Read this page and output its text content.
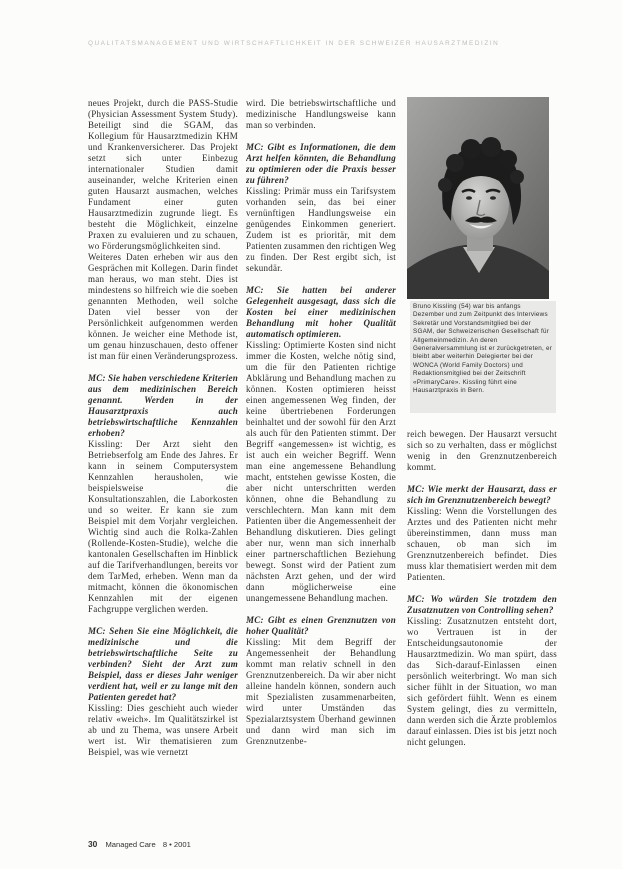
QUALITÄTSMANAGEMENT UND WIRTSCHAFTLICHKEIT IN DER SCHWEIZER HAUSARZTMEDIZIN

neues Projekt, durch die PASS-Studie (Physician Assessment System Study). Beteiligt sind die SGAM, das Kollegium für Hausarztmedizin KHM und Krankenversicherer. Das Projekt setzt sich unter Einbezug internationaler Studien damit auseinander, welche Kriterien einen guten Hausarzt ausmachen, welches Fundament einer guten Hausarztmedizin zugrunde liegt. Es besteht die Möglichkeit, einzelne Praxen zu evaluieren und zu schauen, wo Förderungsmöglichkeiten sind.

Weiteres Daten erheben wir aus den Gesprächen mit Kollegen. Darin findet man heraus, wo man steht. Dies ist mindestens so hilfreich wie die soeben genannten Methoden, weil solche Daten viel besser von der Persönlichkeit aufgenommen werden können. Je weicher eine Methode ist, um genau hinzuschauen, desto offener ist man für einen Veränderungsprozess.

MC: Sie haben verschiedene Kriterien aus dem medizinischen Bereich genannt. Werden in der Hausarztpraxis auch betriebswirtschaftliche Kennzahlen erhoben?

Kissling: Der Arzt sieht den Betriebserfolg am Ende des Jahres. Er kann in seinem Computersystem Kennzahlen herausholen, wie beispielsweise die Konsultationszahlen, die Laborkosten und so weiter. Er kann sie zum Beispiel mit dem Vorjahr vergleichen. Wichtig sind auch die Rolka-Zahlen (Rollende-Kosten-Studie), welche die kantonalen Gesellschaften im Hinblick auf die Tarifverhandlungen, bereits vor dem TarMed, erheben. Wenn man da mitmacht, können die ökonomischen Kennzahlen mit der eigenen Fachgruppe verglichen werden.

MC: Sehen Sie eine Möglichkeit, die medizinische und die betriebswirtschaftliche Seite zu verbinden? Sieht der Arzt zum Beispiel, dass er dieses Jahr weniger verdient hat, weil er zu lange mit den Patienten geredet hat?

Kissling: Dies geschieht auch wieder relativ «weich». Im Qualitätszirkel ist ab und zu Thema, was unsere Arbeit wert ist. Wir thematisieren zum Beispiel, was wie vernetzt

wird. Die betriebswirtschaftliche und medizinische Handlungsweise kann man so verbinden.

MC: Gibt es Informationen, die dem Arzt helfen könnten, die Behandlung zu optimieren oder die Praxis besser zu führen?

Kissling: Primär muss ein Tarifsystem vorhanden sein, das bei einer vernünftigen Handlungsweise ein genügendes Einkommen generiert. Zudem ist es prioritär, mit dem Patienten zusammen den richtigen Weg zu finden. Der Rest ergibt sich, ist sekundär.

MC: Sie hatten bei anderer Gelegenheit ausgesagt, dass sich die Kosten bei einer medizinischen Behandlung mit hoher Qualität automatisch optimieren.

Kissling: Optimierte Kosten sind nicht immer die Kosten, welche nötig sind, um die für den Patienten richtige Abklärung und Behandlung machen zu können. Kosten optimieren heisst einen angemessenen Weg finden, der keine übertriebenen Forderungen beinhaltet und der sowohl für den Arzt als auch für den Patienten stimmt. Der Begriff «angemessen» ist wichtig, es ist auch ein weicher Begriff. Wenn man eine angemessene Behandlung macht, entstehen gewisse Kosten, die aber nicht unterschritten werden können, ohne die Behandlung zu verschlechtern. Man kann mit dem Patienten über die Angemessenheit der Behandlung diskutieren. Dies gelingt aber nur, wenn man sich innerhalb einer partnerschaftlichen Beziehung bewegt. Sonst wird der Patient zum nächsten Arzt gehen, und der wird dann möglicherweise eine unangemessene Behandlung machen.

MC: Gibt es einen Grenznutzen von hoher Qualität?

Kissling: Mit dem Begriff der Angemessenheit der Behandlung kommt man relativ schnell in den Grenznutzenbereich. Da wir aber nicht alleine handeln können, sondern auch mit Spezialisten zusammenarbeiten, wird unter Umständen das Spezialarztsystem Überhand gewinnen und dann wird man sich im Grenznutzenbe-

Bruno Kissling (54) war bis anfangs Dezember und zum Zeitpunkt des Interviews Sekretär und Vorstandsmitglied bei der SGAM, der Schweizerischen Gesellschaft für Allgemeinmedizin. An deren Generalversammlung ist er zurückgetreten, er bleibt aber weiterhin Delegierter bei der WONCA (World Family Doctors) und Redaktionsmitglied bei der Zeitschrift «PrimaryCare». Kissling führt eine Hausarztpraxis in Bern.

reich bewegen. Der Hausarzt versucht sich so zu verhalten, dass er möglichst wenig in den Grenznutzenbereich kommt.

MC: Wie merkt der Hausarzt, dass er sich im Grenznutzenbereich bewegt?

Kissling: Wenn die Vorstellungen des Arztes und des Patienten nicht mehr übereinstimmen, dann muss man schauen, ob man sich im Grenznutzenbereich befindet. Dies muss klar thematisiert werden mit dem Patienten.

MC: Wo würden Sie trotzdem den Zusatznutzen von Controlling sehen?

Kissling: Zusatznutzen entsteht dort, wo Vertrauen ist in der Entscheidungsautonomie der Hausarztmedizin. Wo man spürt, dass das Sich-darauf-Einlassen einen persönlich weiterbringt. Wo man sich sicher fühlt in der Situation, wo man sich gefördert fühlt. Wenn es einem System gelingt, dies zu vermitteln, dann werden sich die Ärzte problemlos darauf einlassen. Dies ist bis jetzt noch nicht gelungen.

30 Managed Care 8 • 2001
